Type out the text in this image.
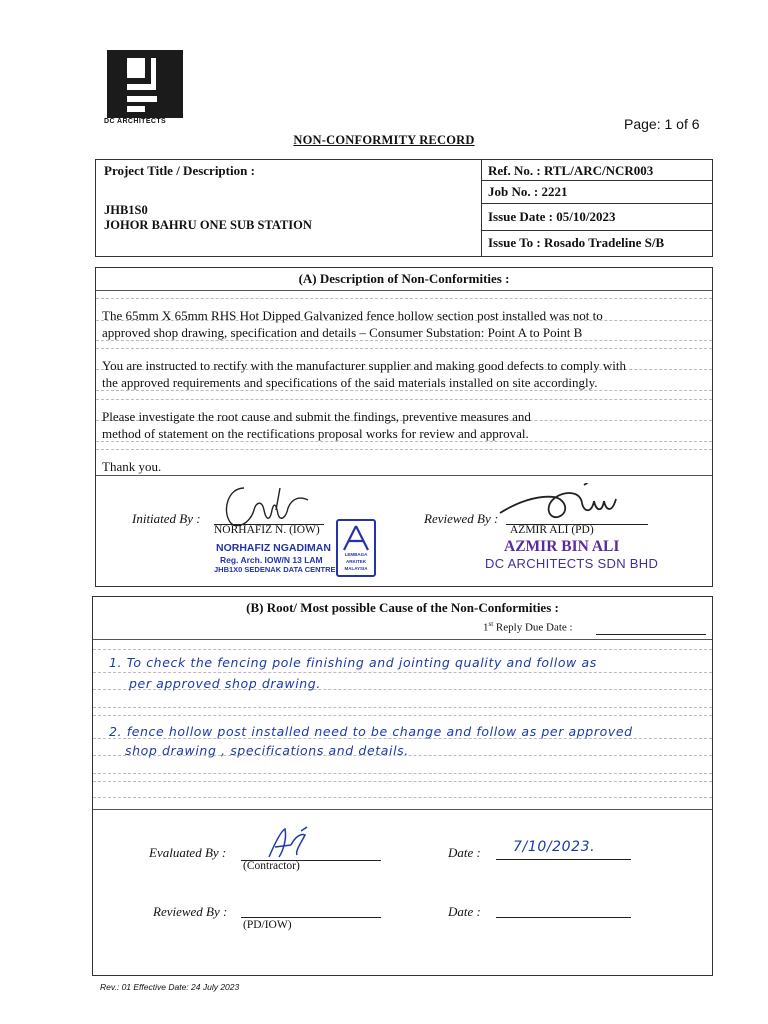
DC ARCHITECTS	Page: 1 of 6
NON-CONFORMITY RECORD
Project Title / Description :
JHB1S0
JOHOR BAHRU ONE SUB STATION
Ref. No. : RTL/ARC/NCR003
Job No. : 2221
Issue Date : 05/10/2023
Issue To : Rosado Tradeline S/B
(A) Description of Non-Conformities :
The 65mm X 65mm RHS Hot Dipped Galvanized fence hollow section post installed was not to
approved shop drawing, specification and details – Consumer Substation: Point A to Point B
You are instructed to rectify with the manufacturer supplier and making good defects to comply with
the approved requirements and specifications of the said materials installed on site accordingly.
Please investigate the root cause and submit the findings, preventive measures and
method of statement on the rectifications proposal works for review and approval.
Thank you.
Initiated By :
NORHAFIZ N. (IOW)
NORHAFIZ NGADIMAN
Reg. Arch. IOW/N 13 LAM
JHB1X0 SEDENAK DATA CENTRE
LEMBAGA
ARKITEK
MALAYSIA
Reviewed By :
AZMIR ALI (PD)
AZMIR BIN ALI
DC ARCHITECTS SDN BHD
(B) Root/ Most possible Cause of the Non-Conformities :
1st Reply Due Date :
1. To check the fencing pole finishing and jointing quality and follow as
per approved shop drawing.
2. fence hollow post installed need to be change and follow as per approved
shop drawing , specifications and details.
Evaluated By :
(Contractor)
Date : 7/10/2023.
Reviewed By :
(PD/IOW)
Date :
Rev.: 01 Effective Date: 24 July 2023
